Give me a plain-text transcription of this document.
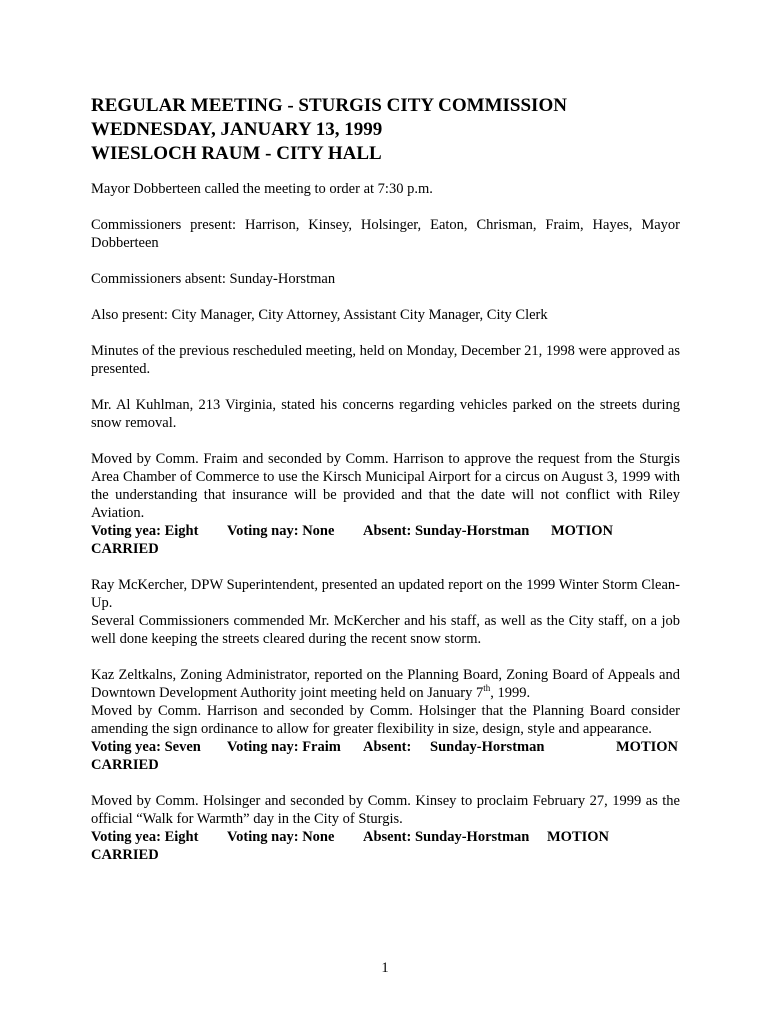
REGULAR MEETING - STURGIS CITY COMMISSION
WEDNESDAY, JANUARY 13, 1999
WIESLOCH RAUM - CITY HALL

Mayor Dobberteen called the meeting to order at 7:30 p.m.

Commissioners present: Harrison, Kinsey, Holsinger, Eaton, Chrisman, Fraim, Hayes, Mayor Dobberteen

Commissioners absent: Sunday-Horstman

Also present: City Manager, City Attorney, Assistant City Manager, City Clerk

Minutes of the previous rescheduled meeting, held on Monday, December 21, 1998 were approved as presented.

Mr. Al Kuhlman, 213 Virginia, stated his concerns regarding vehicles parked on the streets during snow removal.

Moved by Comm. Fraim and seconded by Comm. Harrison to approve the request from the Sturgis Area Chamber of Commerce to use the Kirsch Municipal Airport for a circus on August 3, 1999 with the understanding that insurance will be provided and that the date will not conflict with Riley Aviation.
Voting yea: Eight Voting nay: None Absent: Sunday-Horstman MOTION
CARRIED
Ray McKercher, DPW Superintendent, presented an updated report on the 1999 Winter Storm Clean-Up.
Several Commissioners commended Mr. McKercher and his staff, as well as the City staff, on a job well done keeping the streets cleared during the recent snow storm.
Kaz Zeltkalns, Zoning Administrator, reported on the Planning Board, Zoning Board of Appeals and Downtown Development Authority joint meeting held on January 7th, 1999.
Moved by Comm. Harrison and seconded by Comm. Holsinger that the Planning Board consider amending the sign ordinance to allow for greater flexibility in size, design, style and appearance.
Voting yea: Seven Voting nay: Fraim Absent: Sunday-Horstman	MOTION
CARRIED
Moved by Comm. Holsinger and seconded by Comm. Kinsey to proclaim February 27, 1999 as the official “Walk for Warmth” day in the City of Sturgis.
Voting yea: Eight Voting nay: None Absent: Sunday-Horstman MOTION
CARRIED
1
